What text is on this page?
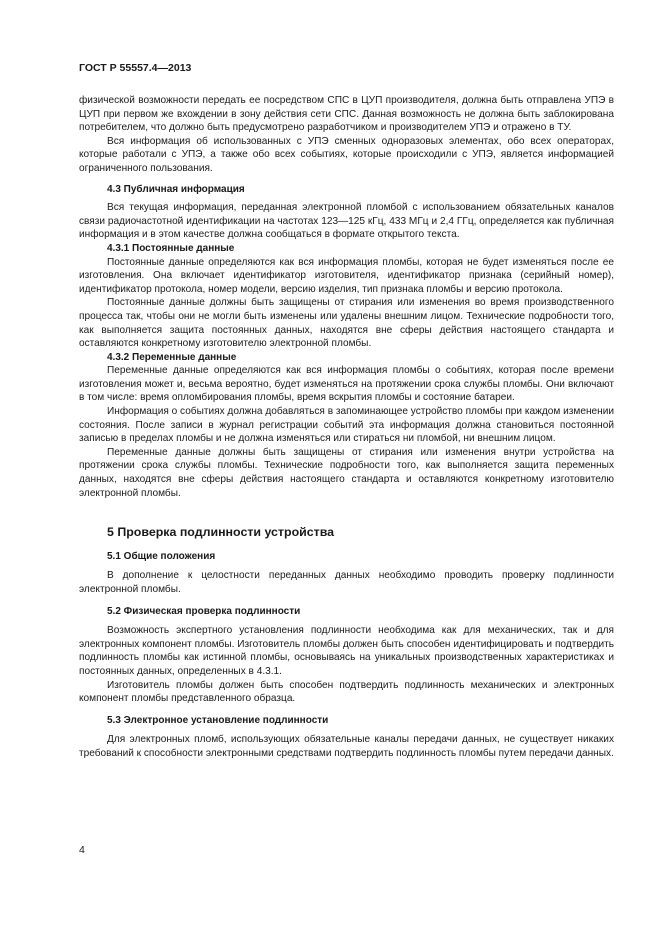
ГОСТ Р 55557.4—2013

физической возможности передать ее посредством СПС в ЦУП производителя, должна быть отправлена УПЭ в ЦУП при первом же вхождении в зону действия сети СПС. Данная возможность не должна быть заблокирована потребителем, что должно быть предусмотрено разработчиком и производителем УПЭ и отражено в ТУ.

Вся информация об использованных с УПЭ сменных одноразовых элементах, обо всех операторах, которые работали с УПЭ, а также обо всех событиях, которые происходили с УПЭ, является информацией ограниченного пользования.

4.3 Публичная информация

Вся текущая информация, переданная электронной пломбой с использованием обязательных каналов связи радиочастотной идентификации на частотах 123—125 кГц, 433 МГц и 2,4 ГГц, определяется как публичная информация и в этом качестве должна сообщаться в формате открытого текста.

4.3.1 Постоянные данные

Постоянные данные определяются как вся информация пломбы, которая не будет изменяться после ее изготовления. Она включает идентификатор изготовителя, идентификатор признака (серийный номер), идентификатор протокола, номер модели, версию изделия, тип признака пломбы и версию протокола.

Постоянные данные должны быть защищены от стирания или изменения во время производственного процесса так, чтобы они не могли быть изменены или удалены внешним лицом. Технические подробности того, как выполняется защита постоянных данных, находятся вне сферы действия настоящего стандарта и оставляются конкретному изготовителю электронной пломбы.

4.3.2 Переменные данные

Переменные данные определяются как вся информация пломбы о событиях, которая после времени изготовления может и, весьма вероятно, будет изменяться на протяжении срока службы пломбы. Они включают в том числе: время опломбирования пломбы, время вскрытия пломбы и состояние батареи.

Информация о событиях должна добавляться в запоминающее устройство пломбы при каждом изменении состояния. После записи в журнал регистрации событий эта информация должна становиться постоянной записью в пределах пломбы и не должна изменяться или стираться ни пломбой, ни внешним лицом.

Переменные данные должны быть защищены от стирания или изменения внутри устройства на протяжении срока службы пломбы. Технические подробности того, как выполняется защита переменных данных, находятся вне сферы действия настоящего стандарта и оставляются конкретному изготовителю электронной пломбы.

5 Проверка подлинности устройства
5.1 Общие положения

В дополнение к целостности переданных данных необходимо проводить проверку подлинности электронной пломбы.

5.2 Физическая проверка подлинности

Возможность экспертного установления подлинности необходима как для механических, так и для электронных компонент пломбы. Изготовитель пломбы должен быть способен идентифицировать и подтвердить подлинность пломбы как истинной пломбы, основываясь на уникальных производственных характеристиках и постоянных данных, определенных в 4.3.1.

Изготовитель пломбы должен быть способен подтвердить подлинность механических и электронных компонент пломбы представленного образца.

5.3 Электронное установление подлинности

Для электронных пломб, использующих обязательные каналы передачи данных, не существует никаких требований к способности электронными средствами подтвердить подлинность пломбы путем передачи данных.

4
